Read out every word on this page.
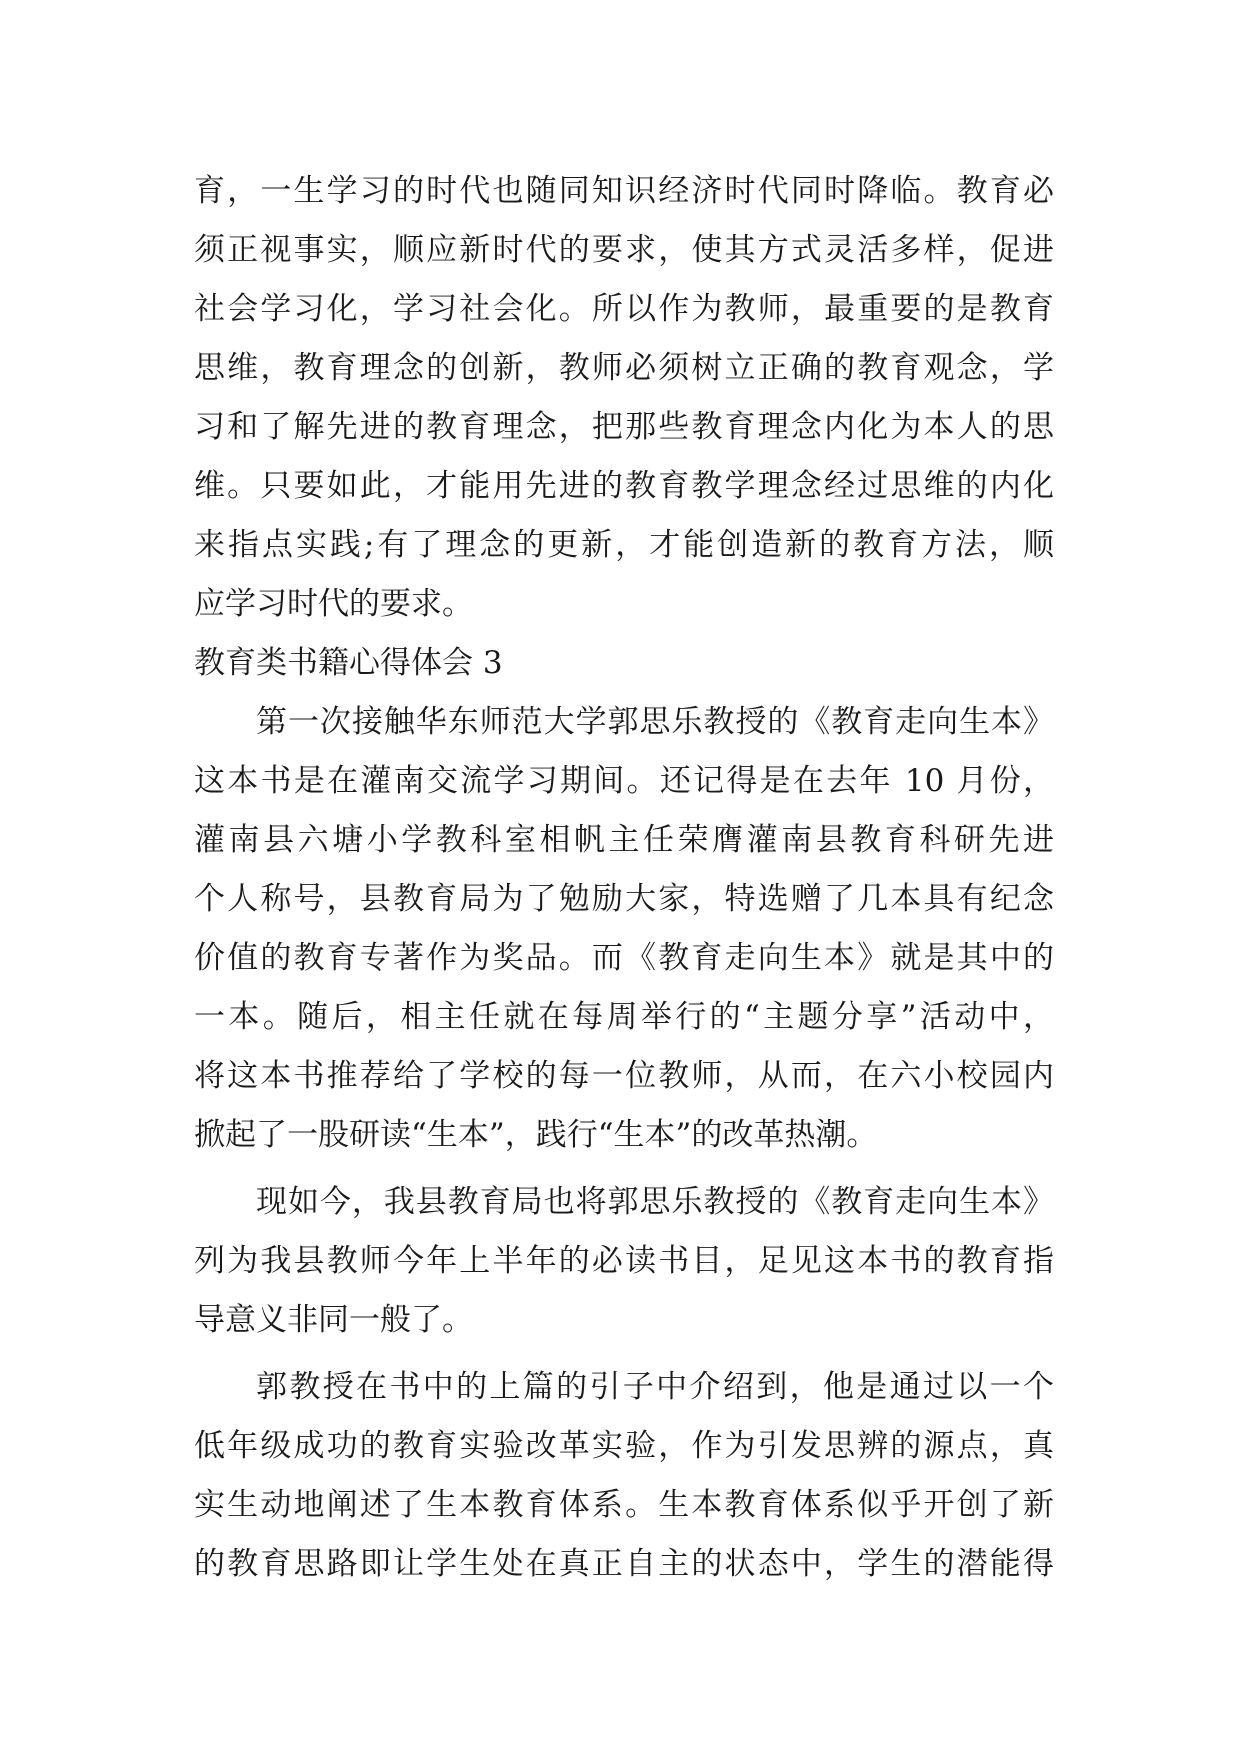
育，一生学习的时代也随同知识经济时代同时降临。教育必
须正视事实，顺应新时代的要求，使其方式灵活多样，促进
社会学习化，学习社会化。所以作为教师，最重要的是教育
思维，教育理念的创新，教师必须树立正确的教育观念，学
习和了解先进的教育理念，把那些教育理念内化为本人的思
维。只要如此，才能用先进的教育教学理念经过思维的内化
来指点实践;有了理念的更新，才能创造新的教育方法，顺
应学习时代的要求。
教育类书籍心得体会 3
第一次接触华东师范大学郭思乐教授的《教育走向生本》
这本书是在灌南交流学习期间。还记得是在去年 10 月份，
灌南县六塘小学教科室相帆主任荣膺灌南县教育科研先进
个人称号，县教育局为了勉励大家，特选赠了几本具有纪念
价值的教育专著作为奖品。而《教育走向生本》就是其中的
一本。随后，相主任就在每周举行的“主题分享”活动中，
将这本书推荐给了学校的每一位教师，从而，在六小校园内
掀起了一股研读“生本”，践行“生本”的改革热潮。
现如今，我县教育局也将郭思乐教授的《教育走向生本》
列为我县教师今年上半年的必读书目，足见这本书的教育指
导意义非同一般了。
郭教授在书中的上篇的引子中介绍到，他是通过以一个
低年级成功的教育实验改革实验，作为引发思辨的源点，真
实生动地阐述了生本教育体系。生本教育体系似乎开创了新
的教育思路即让学生处在真正自主的状态中，学生的潜能得
